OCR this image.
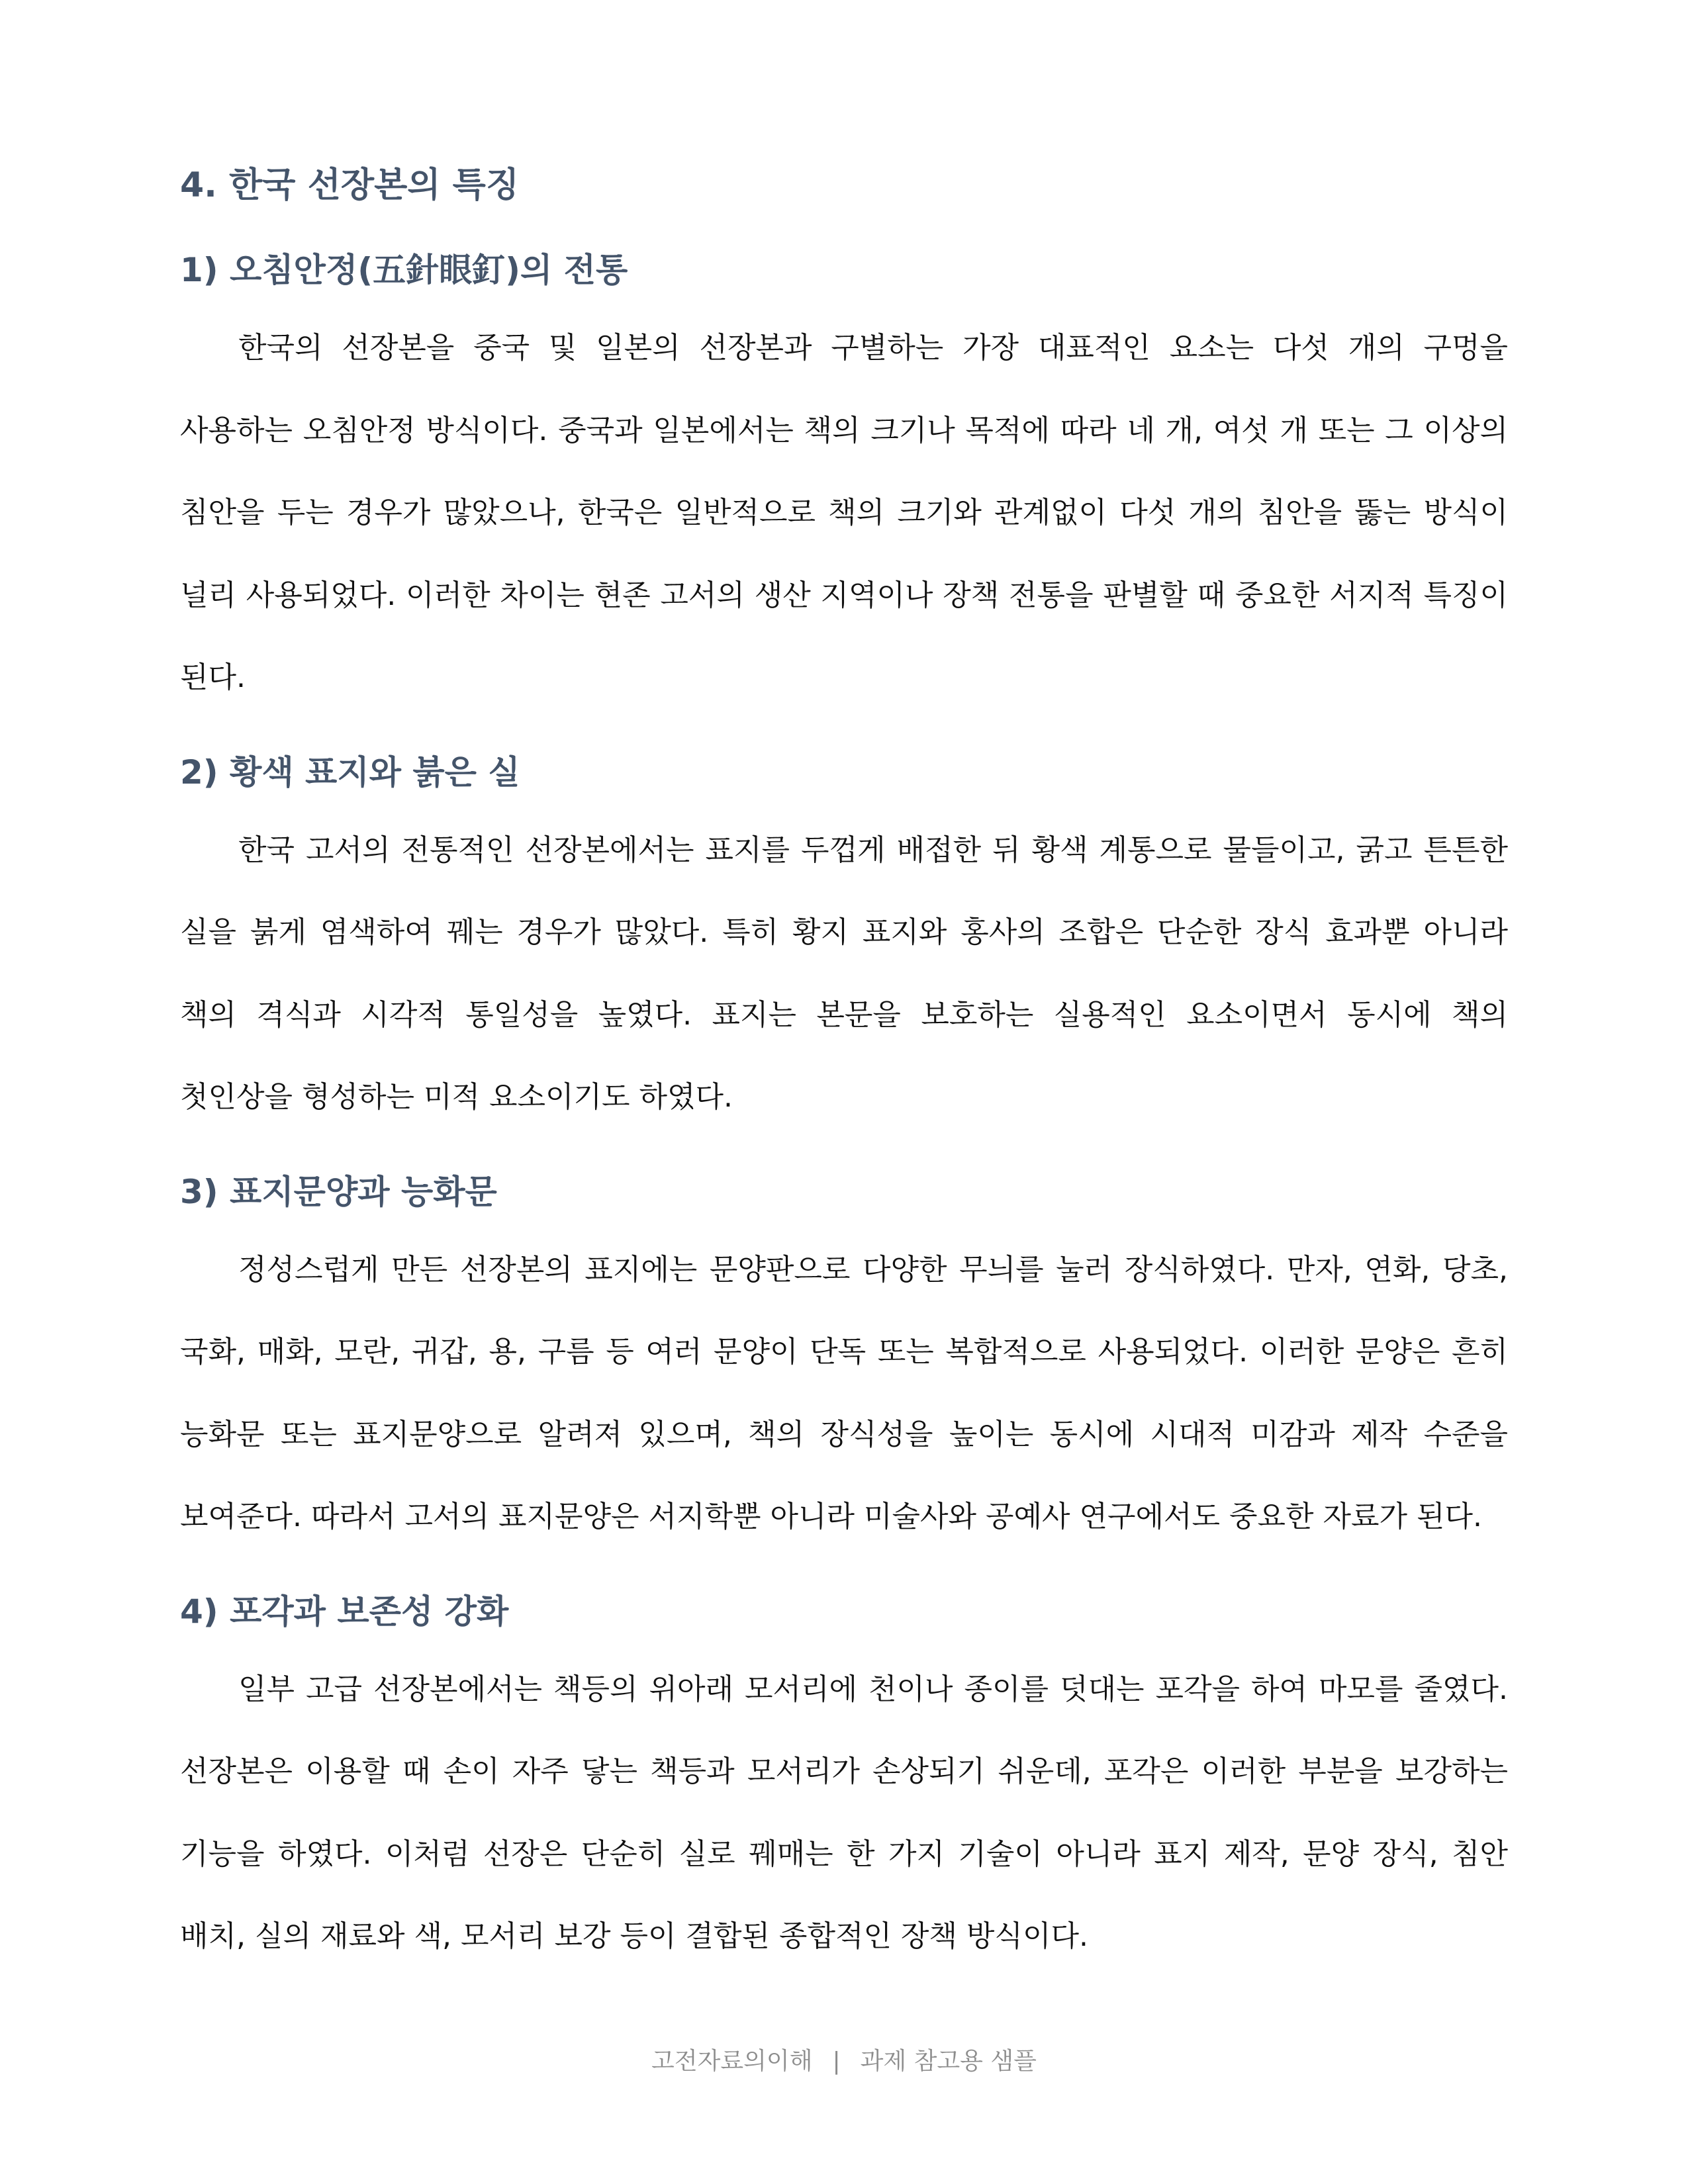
4. 한국 선장본의 특징
1) 오침안정(五針眼釘)의 전통

한국의 선장본을 중국 및 일본의 선장본과 구별하는 가장 대표적인 요소는 다섯 개의 구멍을 사용하는 오침안정 방식이다. 중국과 일본에서는 책의 크기나 목적에 따라 네 개, 여섯 개 또는 그 이상의 침안을 두는 경우가 많았으나, 한국은 일반적으로 책의 크기와 관계없이 다섯 개의 침안을 뚫는 방식이 널리 사용되었다. 이러한 차이는 현존 고서의 생산 지역이나 장책 전통을 판별할 때 중요한 서지적 특징이 된다.

2) 황색 표지와 붉은 실

한국 고서의 전통적인 선장본에서는 표지를 두껍게 배접한 뒤 황색 계통으로 물들이고, 굵고 튼튼한 실을 붉게 염색하여 꿰는 경우가 많았다. 특히 황지 표지와 홍사의 조합은 단순한 장식 효과뿐 아니라 책의 격식과 시각적 통일성을 높였다. 표지는 본문을 보호하는 실용적인 요소이면서 동시에 책의 첫인상을 형성하는 미적 요소이기도 하였다.

3) 표지문양과 능화문

정성스럽게 만든 선장본의 표지에는 문양판으로 다양한 무늬를 눌러 장식하였다. 만자, 연화, 당초, 국화, 매화, 모란, 귀갑, 용, 구름 등 여러 문양이 단독 또는 복합적으로 사용되었다. 이러한 문양은 흔히 능화문 또는 표지문양으로 알려져 있으며, 책의 장식성을 높이는 동시에 시대적 미감과 제작 수준을 보여준다. 따라서 고서의 표지문양은 서지학뿐 아니라 미술사와 공예사 연구에서도 중요한 자료가 된다.

4) 포각과 보존성 강화

일부 고급 선장본에서는 책등의 위아래 모서리에 천이나 종이를 덧대는 포각을 하여 마모를 줄였다. 선장본은 이용할 때 손이 자주 닿는 책등과 모서리가 손상되기 쉬운데, 포각은 이러한 부분을 보강하는 기능을 하였다. 이처럼 선장은 단순히 실로 꿰매는 한 가지 기술이 아니라 표지 제작, 문양 장식, 침안 배치, 실의 재료와 색, 모서리 보강 등이 결합된 종합적인 장책 방식이다.

고전자료의이해 | 과제 참고용 샘플
